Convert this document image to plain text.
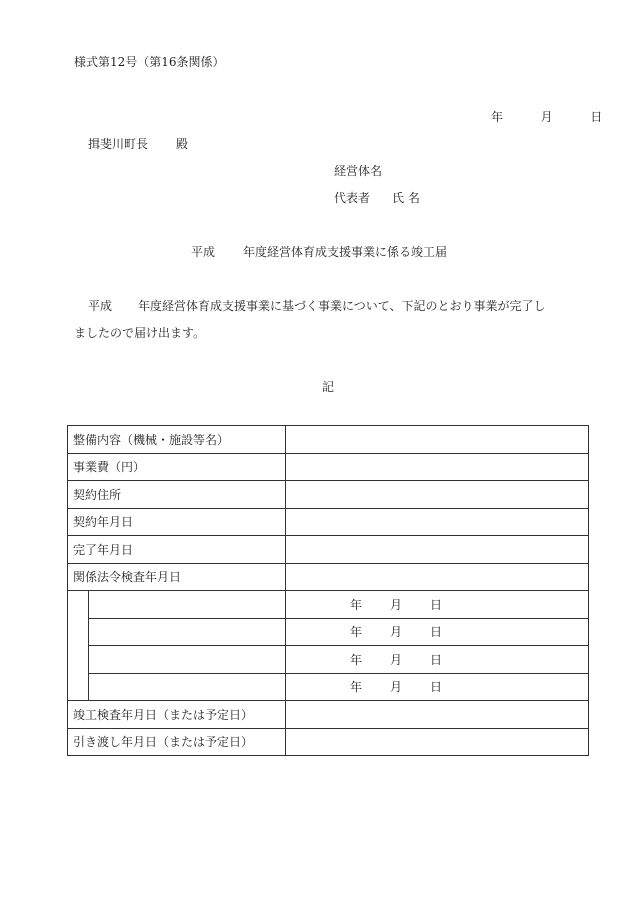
様式第12号（第16条関係）
年	月	日
揖斐川町長 殿
経営体名
代表者 氏 名
平成 年度経営体育成支援事業に係る竣工届
平成 年度経営体育成支援事業に基づく事業について、下記のとおり事業が完了し
ましたので届け出ます。
記
整備内容（機械・施設等名）		
事業費（円）		
契約住所		
契約年月日		
完了年月日		
関係法令検査年月日		
		年 月 日
		年 月 日
		年 月 日
		年 月 日
竣工検査年月日（または予定日）		
引き渡し年月日（または予定日）		
